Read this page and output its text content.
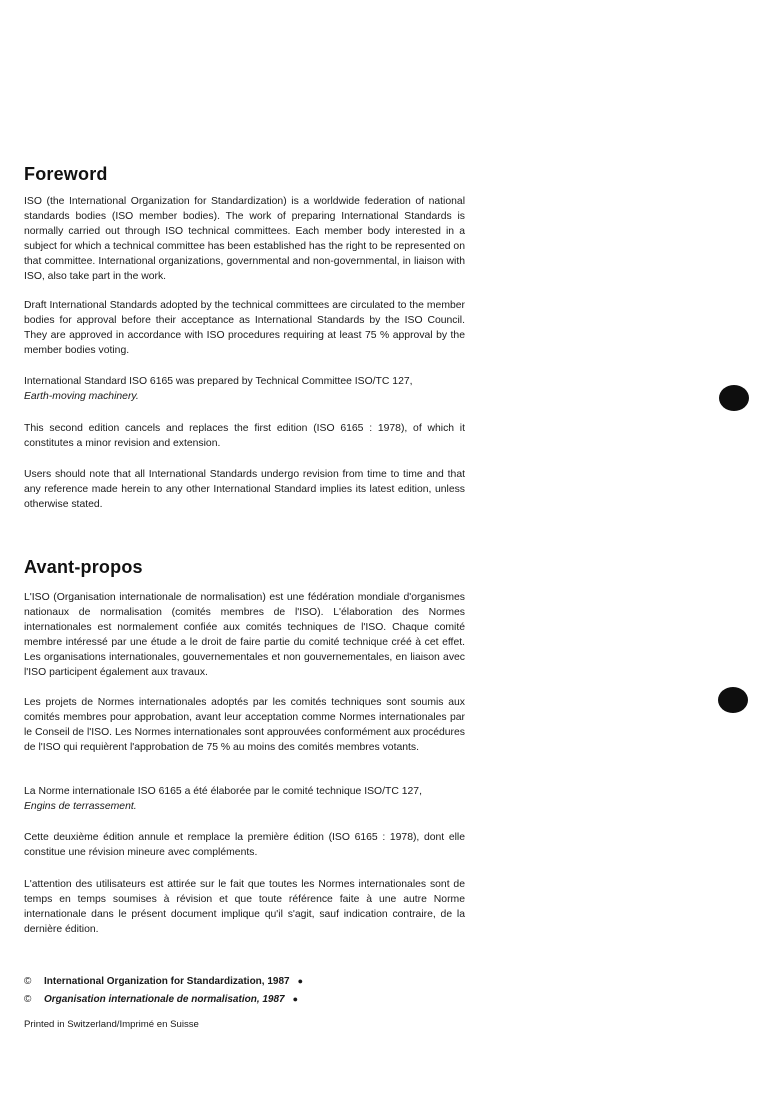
Foreword

ISO (the International Organization for Standardization) is a worldwide federation of national standards bodies (ISO member bodies). The work of preparing International Standards is normally carried out through ISO technical committees. Each member body interested in a subject for which a technical committee has been established has the right to be represented on that committee. International organizations, governmental and non-governmental, in liaison with ISO, also take part in the work.

Draft International Standards adopted by the technical committees are circulated to the member bodies for approval before their acceptance as International Standards by the ISO Council. They are approved in accordance with ISO procedures requiring at least 75 % approval by the member bodies voting.

International Standard ISO 6165 was prepared by Technical Committee ISO/TC 127,
Earth-moving machinery.

This second edition cancels and replaces the first edition (ISO 6165 : 1978), of which it constitutes a minor revision and extension.

Users should note that all International Standards undergo revision from time to time and that any reference made herein to any other International Standard implies its latest edition, unless otherwise stated.

Avant-propos

L'ISO (Organisation internationale de normalisation) est une fédération mondiale d'organismes nationaux de normalisation (comités membres de l'ISO). L'élaboration des Normes internationales est normalement confiée aux comités techniques de l'ISO. Chaque comité membre intéressé par une étude a le droit de faire partie du comité technique créé à cet effet. Les organisations internationales, gouvernementales et non gouvernementales, en liaison avec l'ISO participent également aux travaux.

Les projets de Normes internationales adoptés par les comités techniques sont soumis aux comités membres pour approbation, avant leur acceptation comme Normes internationales par le Conseil de l'ISO. Les Normes internationales sont approuvées conformément aux procédures de l'ISO qui requièrent l'approbation de 75 % au moins des comités membres votants.

La Norme internationale ISO 6165 a été élaborée par le comité technique ISO/TC 127,
Engins de terrassement.

Cette deuxième édition annule et remplace la première édition (ISO 6165 : 1978), dont elle constitue une révision mineure avec compléments.

L'attention des utilisateurs est attirée sur le fait que toutes les Normes internationales sont de temps en temps soumises à révision et que toute référence faite à une autre Norme internationale dans le présent document implique qu'il s'agit, sauf indication contraire, de la dernière édition.

© International Organization for Standardization, 1987 ●
© Organisation internationale de normalisation, 1987 ●
Printed in Switzerland/Imprimé en Suisse
